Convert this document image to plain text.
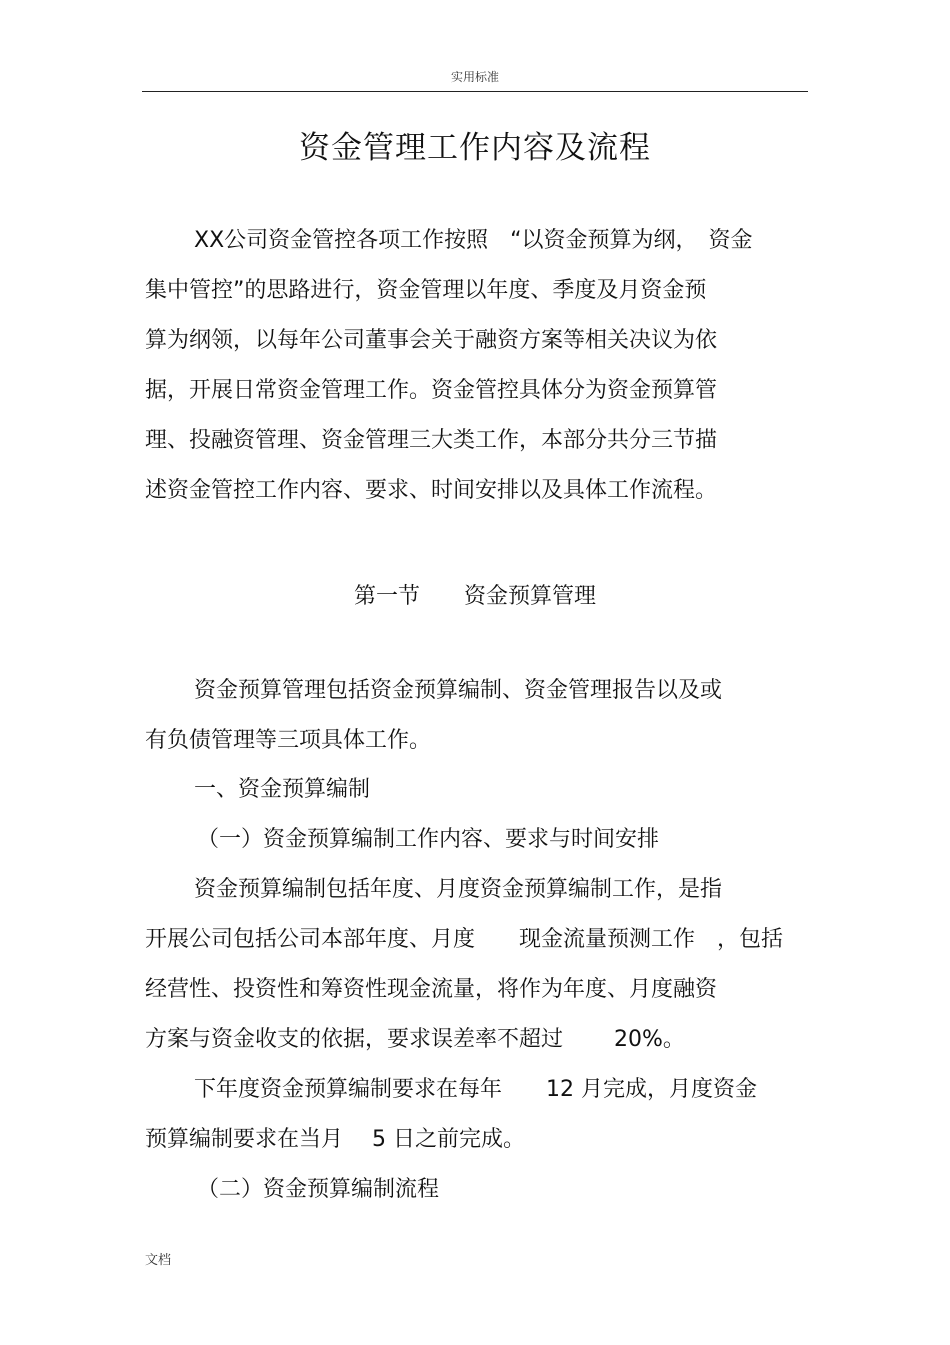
实用标准
资金管理工作内容及流程
XX公司资金管控各项工作按照　“以资金预算为纲，　资金
集中管控”的思路进行，资金管理以年度、季度及月资金预
算为纲领，以每年公司董事会关于融资方案等相关决议为依
据，开展日常资金管理工作。资金管控具体分为资金预算管
理、投融资管理、资金管理三大类工作，本部分共分三节描
述资金管控工作内容、要求、时间安排以及具体工作流程。
第一节　　资金预算管理
资金预算管理包括资金预算编制、资金管理报告以及或
有负债管理等三项具体工作。
一、资金预算编制
（一）资金预算编制工作内容、要求与时间安排
资金预算编制包括年度、月度资金预算编制工作，是指
开展公司包括公司本部年度、月度　　现金流量预测工作　，包括
经营性、投资性和筹资性现金流量，将作为年度、月度融资
方案与资金收支的依据，要求误差率不超过　　 20%。
下年度资金预算编制要求在每年　　12 月完成，月度资金
预算编制要求在当月　 5 日之前完成。
（二）资金预算编制流程
文档
